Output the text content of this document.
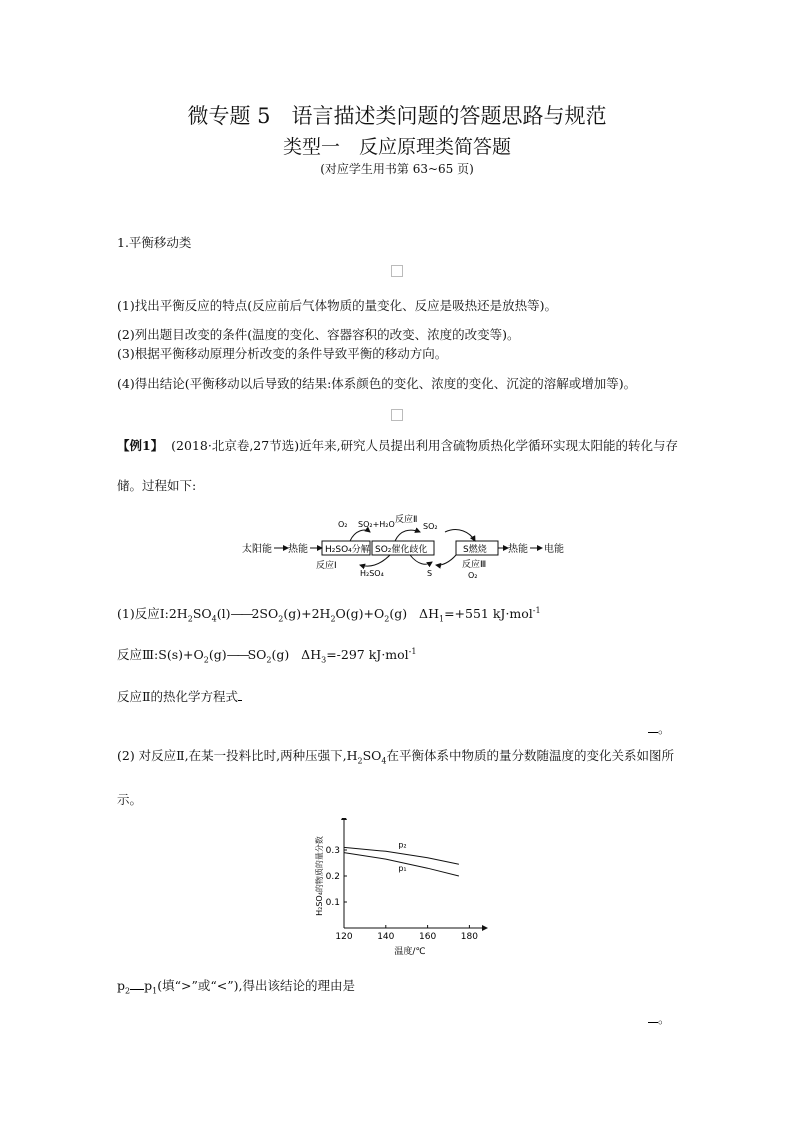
微专题 5　语言描述类问题的答题思路与规范
类型一　反应原理类简答题
(对应学生用书第 63~65 页)
1.平衡移动类
(1)找出平衡反应的特点(反应前后气体物质的量变化、反应是吸热还是放热等)。
(2)列出题目改变的条件(温度的变化、容器容积的改变、浓度的改变等)。
(3)根据平衡移动原理分析改变的条件导致平衡的移动方向。
(4)得出结论(平衡移动以后导致的结果:体系颜色的变化、浓度的变化、沉淀的溶解或增加等)。
【例1】 (2018·北京卷,27节选)近年来,研究人员提出利用含硫物质热化学循环实现太阳能的转化与存
储。过程如下:
太阳能 热能 H₂SO₄分解 SO₂催化歧化	S燃烧 热能 电能
O₂ SO₂+H₂O 反应Ⅱ
SO₂
反应Ⅰ
H₂SO₄	S
反应Ⅲ
O₂
(1)反应$Ⅰ:2H_2SO_4(l)——2SO_2(g)+2H_2O(g)+O_2(g)$   $\Delta H_1=+551$ kJ·mol$^{-1}$
反应$Ⅲ:S(s)+O_2(g)——SO_2(g)$   $\Delta H_3=-297$ kJ·mol$^{-1}$
反应Ⅱ的热化学方程式
。
(2) 对反应Ⅱ,在某一投料比时,两种压强下$,H_2SO_4$在平衡体系中物质的量分数随温度的变化关系如图所
示。
120	140	160	180
0.1
0.2
0.3
温度/℃
H₂SO₄的物质的量分数	p₂
p₁
$p_2$ $p_1$(填“>”或“<”),得出该结论的理由是
。
